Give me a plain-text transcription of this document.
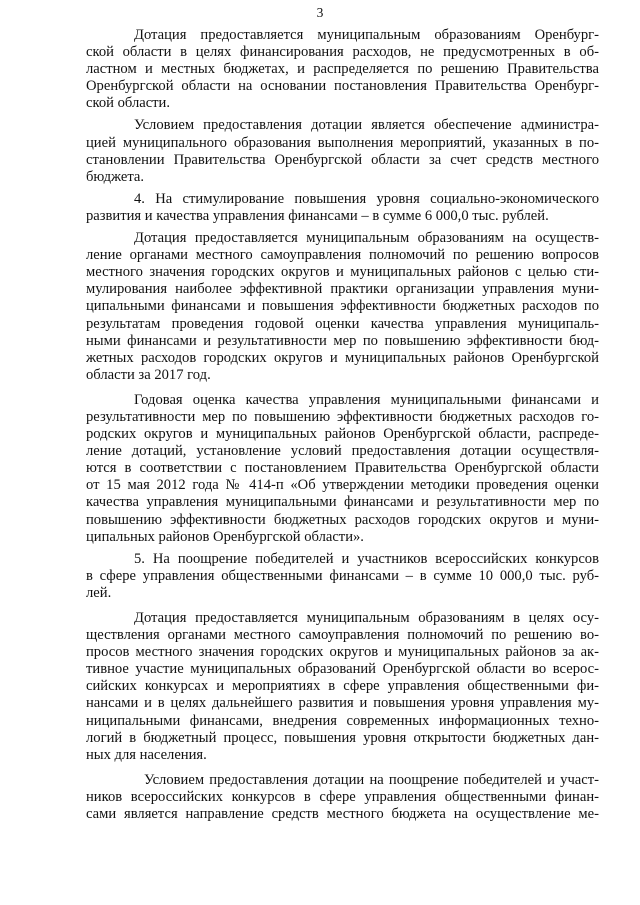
3
Дотация предоставляется муниципальным образованиям Оренбург-
ской области в целях финансирования расходов, не предусмотренных в об-
ластном и местных бюджетах, и распределяется по решению Правительства
Оренбургской области на основании постановления Правительства Оренбург-
ской области.
Условием предоставления дотации является обеспечение администра-
цией муниципального образования выполнения мероприятий, указанных в по-
становлении Правительства Оренбургской области за счет средств местного
бюджета.
4. На стимулирование повышения уровня социально-экономического
развития и качества управления финансами – в сумме 6 000,0 тыс. рублей.
Дотация предоставляется муниципальным образованиям на осуществ-
ление органами местного самоуправления полномочий по решению вопросов
местного значения городских округов и муниципальных районов с целью сти-
мулирования наиболее эффективной практики организации управления муни-
ципальными финансами и повышения эффективности бюджетных расходов по
результатам проведения годовой оценки качества управления муниципаль-
ными финансами и результативности мер по повышению эффективности бюд-
жетных расходов городских округов и муниципальных районов Оренбургской
области за 2017 год.
Годовая оценка качества управления муниципальными финансами и
результативности мер по повышению эффективности бюджетных расходов го-
родских округов и муниципальных районов Оренбургской области, распреде-
ление дотаций, установление условий предоставления дотации осуществля-
ются в соответствии с постановлением Правительства Оренбургской области
от 15 мая 2012 года № 414-п «Об утверждении методики проведения оценки
качества управления муниципальными финансами и результативности мер по
повышению эффективности бюджетных расходов городских округов и муни-
ципальных районов Оренбургской области».
5. На поощрение победителей и участников всероссийских конкурсов
в сфере управления общественными финансами – в сумме 10 000,0 тыс. руб-
лей.
Дотация предоставляется муниципальным образованиям в целях осу-
ществления органами местного самоуправления полномочий по решению во-
просов местного значения городских округов и муниципальных районов за ак-
тивное участие муниципальных образований Оренбургской области во всерос-
сийских конкурсах и мероприятиях в сфере управления общественными фи-
нансами и в целях дальнейшего развития и повышения уровня управления му-
ниципальными финансами, внедрения современных информационных техно-
логий в бюджетный процесс, повышения уровня открытости бюджетных дан-
ных для населения.
Условием предоставления дотации на поощрение победителей и участ-
ников всероссийских конкурсов в сфере управления общественными финан-
сами является направление средств местного бюджета на осуществление ме-
